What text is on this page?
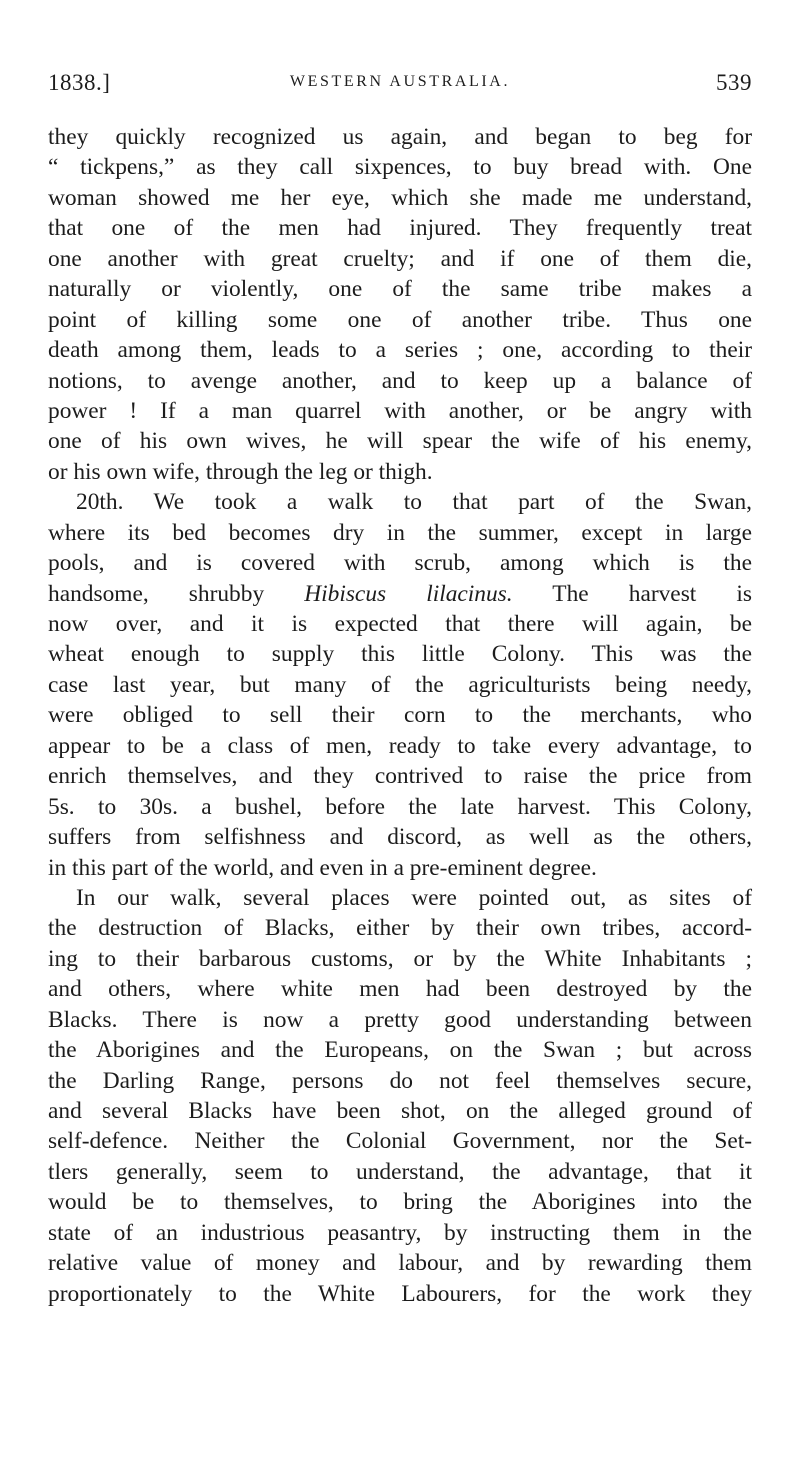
1838.]	WESTERN AUSTRALIA.	539
they quickly recognized us again, and began to beg for
“ tickpens,” as they call sixpences, to buy bread with. One
woman showed me her eye, which she made me understand,
that one of the men had injured. They frequently treat
one another with great cruelty; and if one of them die,
naturally or violently, one of the same tribe makes a
point of killing some one of another tribe. Thus one
death among them, leads to a series ; one, according to their
notions, to avenge another, and to keep up a balance of
power ! If a man quarrel with another, or be angry with
one of his own wives, he will spear the wife of his enemy,
or his own wife, through the leg or thigh.
20th. We took a walk to that part of the Swan,
where its bed becomes dry in the summer, except in large
pools, and is covered with scrub, among which is the
handsome, shrubby Hibiscus lilacinus. The harvest is
now over, and it is expected that there will again, be
wheat enough to supply this little Colony. This was the
case last year, but many of the agriculturists being needy,
were obliged to sell their corn to the merchants, who
appear to be a class of men, ready to take every advantage, to
enrich themselves, and they contrived to raise the price from
5s. to 30s. a bushel, before the late harvest. This Colony,
suffers from selfishness and discord, as well as the others,
in this part of the world, and even in a pre-eminent degree.
In our walk, several places were pointed out, as sites of
the destruction of Blacks, either by their own tribes, accord-
ing to their barbarous customs, or by the White Inhabitants ;
and others, where white men had been destroyed by the
Blacks. There is now a pretty good understanding between
the Aborigines and the Europeans, on the Swan ; but across
the Darling Range, persons do not feel themselves secure,
and several Blacks have been shot, on the alleged ground of
self-defence. Neither the Colonial Government, nor the Set-
tlers generally, seem to understand, the advantage, that it
would be to themselves, to bring the Aborigines into the
state of an industrious peasantry, by instructing them in the
relative value of money and labour, and by rewarding them
proportionately to the White Labourers, for the work they
